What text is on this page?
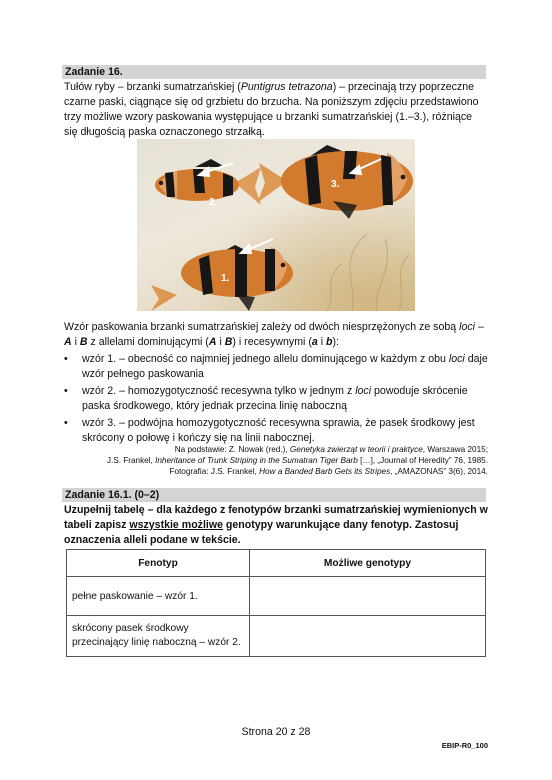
Zadanie 16.

Tułów ryby – brzanki sumatrzańskiej (Puntigrus tetrazona) – przecinają trzy poprzeczne czarne paski, ciągnące się od grzbietu do brzucha. Na poniższym zdjęciu przedstawiono trzy możliwe wzory paskowania występujące u brzanki sumatrzańskiej (1.–3.), różniące się długością paska oznaczonego strzałką.

2.
3.
1.

Wzór paskowania brzanki sumatrzańskiej zależy od dwóch niesprzężonych ze sobą loci – A i B z allelami dominującymi (A i B) i recesywnymi (a i b):

• wzór 1. – obecność co najmniej jednego allelu dominującego w każdym z obu loci daje wzór pełnego paskowania
• wzór 2. – homozygotyczność recesywna tylko w jednym z loci powoduje skrócenie paska środkowego, który jednak przecina linię naboczną
• wzór 3. – podwójna homozygotyczność recesywna sprawia, że pasek środkowy jest skrócony o połowę i kończy się na linii nabocznej.
Na podstawie: Z. Nowak (red.), Genetyka zwierząt w teorii i praktyce, Warszawa 2015;
J.S. Frankel, Inheritance of Trunk Striping in the Sumatran Tiger Barb […], „Journal of Heredity” 76, 1985.
Fotografia: J.S. Frankel, How a Banded Barb Gets its Stripes, „AMAZONAS” 3(6), 2014.
Zadanie 16.1. (0–2)

Uzupełnij tabelę – dla każdego z fenotypów brzanki sumatrzańskiej wymienionych w tabeli zapisz wszystkie możliwe genotypy warunkujące dany fenotyp. Zastosuj oznaczenia alleli podane w tekście.

Fenotyp	Możliwe genotypy
pełne paskowanie – wzór 1.	
skrócony pasek środkowy przecinający linię naboczną – wzór 2.	
Strona 20 z 28
EBIP-R0_100
